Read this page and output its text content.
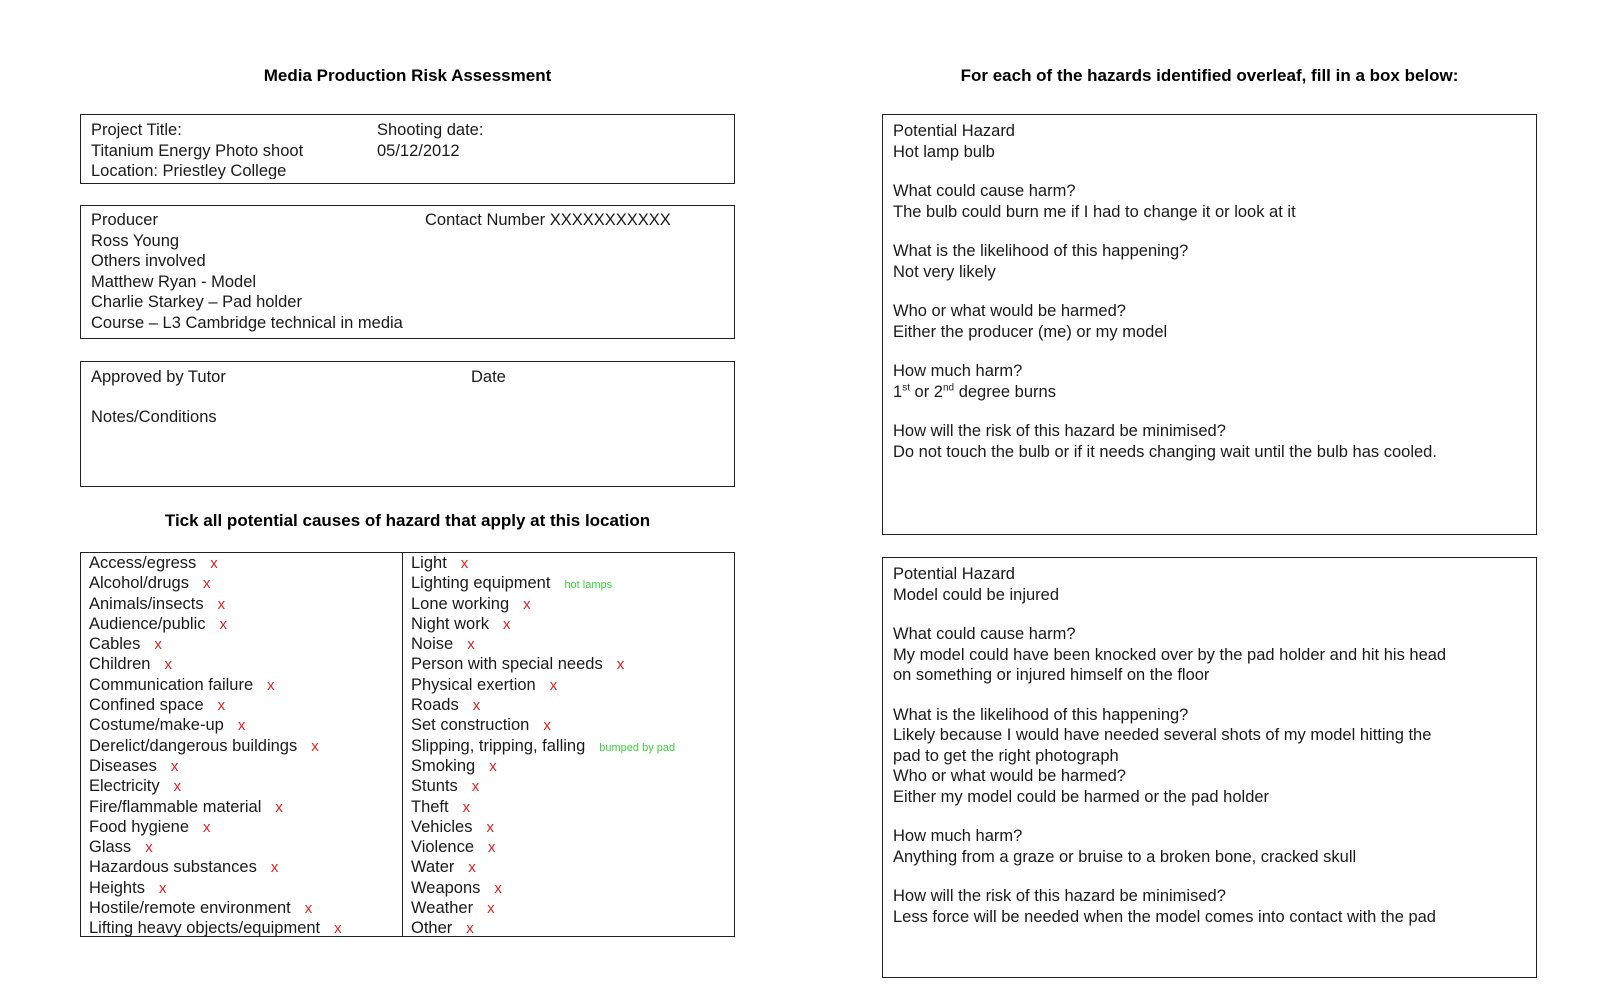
Media Production Risk Assessment
Project Title:
Titanium Energy Photo shoot
Location: Priestley College
Shooting date:
05/12/2012
Producer	Contact Number XXXXXXXXXXX
Ross Young
Others involved
Matthew Ryan - Model
Charlie Starkey – Pad holder
Course – L3 Cambridge technical in media
Approved by Tutor	Date
Notes/Conditions
Tick all potential causes of hazard that apply at this location
Access/egress x
Alcohol/drugs x
Animals/insects x
Audience/public x
Cables x
Children x
Communication failure x
Confined space x
Costume/make-up x
Derelict/dangerous buildings x
Diseases x
Electricity x
Fire/flammable material x
Food hygiene x
Glass x
Hazardous substances x
Heights x
Hostile/remote environment x
Lifting heavy objects/equipment x
Light x
Lighting equipment hot lamps
Lone working x
Night work x
Noise x
Person with special needs x
Physical exertion x
Roads x
Set construction x
Slipping, tripping, falling bumped by pad
Smoking x
Stunts x
Theft x
Vehicles x
Violence x
Water x
Weapons x
Weather x
Other x
For each of the hazards identified overleaf, fill in a box below:
Potential Hazard
Hot lamp bulb
What could cause harm?
The bulb could burn me if I had to change it or look at it
What is the likelihood of this happening?
Not very likely
Who or what would be harmed?
Either the producer (me) or my model
How much harm?
1st or 2nd degree burns
How will the risk of this hazard be minimised?
Do not touch the bulb or if it needs changing wait until the bulb has cooled.
Potential Hazard
Model could be injured
What could cause harm?
My model could have been knocked over by the pad holder and hit his head
on something or injured himself on the floor
What is the likelihood of this happening?
Likely because I would have needed several shots of my model hitting the
pad to get the right photograph
Who or what would be harmed?
Either my model could be harmed or the pad holder
How much harm?
Anything from a graze or bruise to a broken bone, cracked skull
How will the risk of this hazard be minimised?
Less force will be needed when the model comes into contact with the pad
